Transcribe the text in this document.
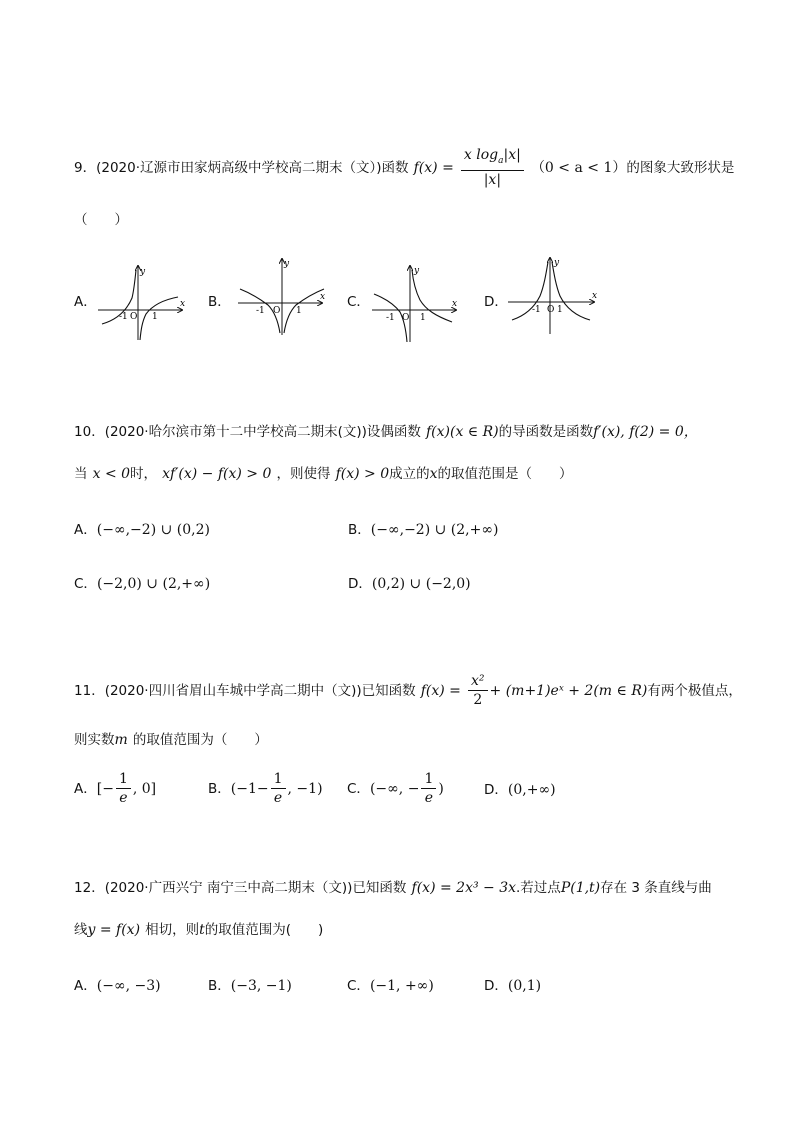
9．(2020·辽源市田家炳高级中学校高二期末（文）)函数 $f(x) = \frac{x \log_a|x|}{|x|} (0 < a < 1)$的图象大致形状是
（　　）
A．	B．	C．	D．
y
x
-1 O 1
y
x
-1 O 1
y
x
-1 O 1
y
x
-1 O 1
10．(2020·哈尔滨市第十二中学校高二期末(文))设偶函数 f(x)(x ∈ R)的导函数是函数f′(x), f(2) = 0，
当 x < 0时， xf′(x) − f(x) > 0 ，则使得 f(x) > 0成立的x的取值范围是（　　）
A．(−∞,−2) ∪ (0,2)	B．(−∞,−2) ∪ (2,+∞)
C．(−2,0) ∪ (2,+∞)	D．(0,2) ∪ (−2,0)
11．(2020·四川省眉山车城中学高二期中（文))已知函数 $f(x) = \frac{\text{x²}}{2}$ + (m+1)eˣ + 2(m ∈ R)有两个极值点，
则实数m 的取值范围为（　　）
A．[− $\frac{1}{e}$ , 0]	B．($-1- \frac{1}{e}$ , −1) C．(−∞, − $\frac{1}{e}$ )	D．(0,+∞)
12．(2020·广西兴宁 南宁三中高二期末（文))已知函数 f(x) = 2x³ − 3x.若过点P(1,t)存在 3 条直线与曲
线y = f(x) 相切，则t的取值范围为(　　)
A．(−∞, −3)	B．(−3, −1)	C．(−1, +∞)	D．(0,1)
